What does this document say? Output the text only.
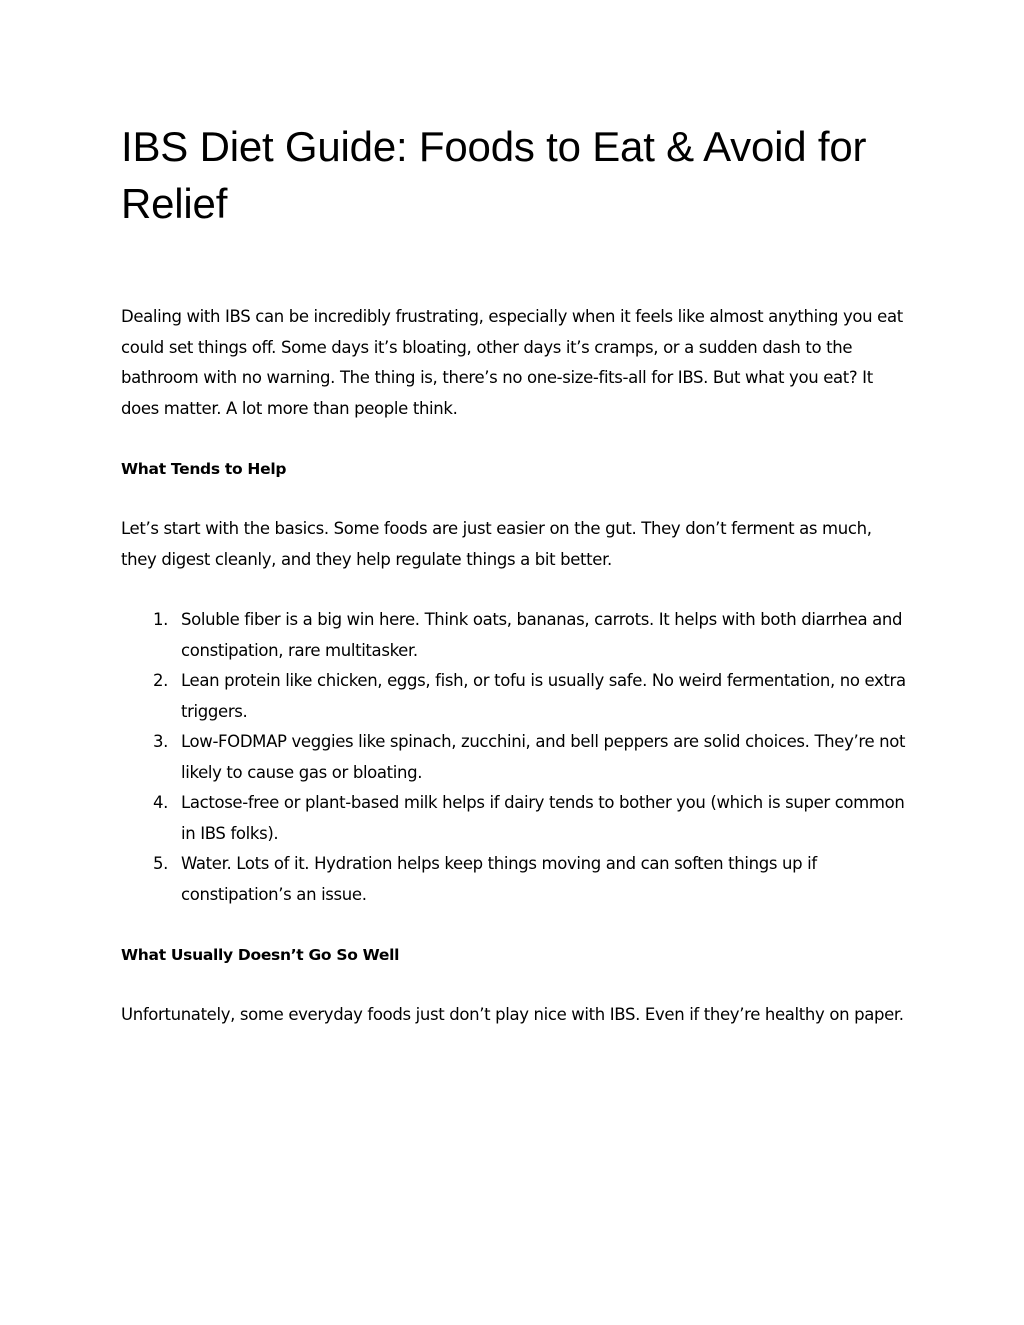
IBS Diet Guide: Foods to Eat & Avoid for Relief

Dealing with IBS can be incredibly frustrating, especially when it feels like almost anything you eat could set things off. Some days it’s bloating, other days it’s cramps, or a sudden dash to the bathroom with no warning. The thing is, there’s no one-size-fits-all for IBS. But what you eat? It does matter. A lot more than people think.

What Tends to Help

Let’s start with the basics. Some foods are just easier on the gut. They don’t ferment as much, they digest cleanly, and they help regulate things a bit better.

1. Soluble fiber is a big win here. Think oats, bananas, carrots. It helps with both diarrhea and constipation, rare multitasker.
2. Lean protein like chicken, eggs, fish, or tofu is usually safe. No weird fermentation, no extra triggers.
3. Low-FODMAP veggies like spinach, zucchini, and bell peppers are solid choices. They’re not likely to cause gas or bloating.
4. Lactose-free or plant-based milk helps if dairy tends to bother you (which is super common in IBS folks).
5. Water. Lots of it. Hydration helps keep things moving and can soften things up if constipation’s an issue.
What Usually Doesn’t Go So Well

Unfortunately, some everyday foods just don’t play nice with IBS. Even if they’re healthy on paper.
